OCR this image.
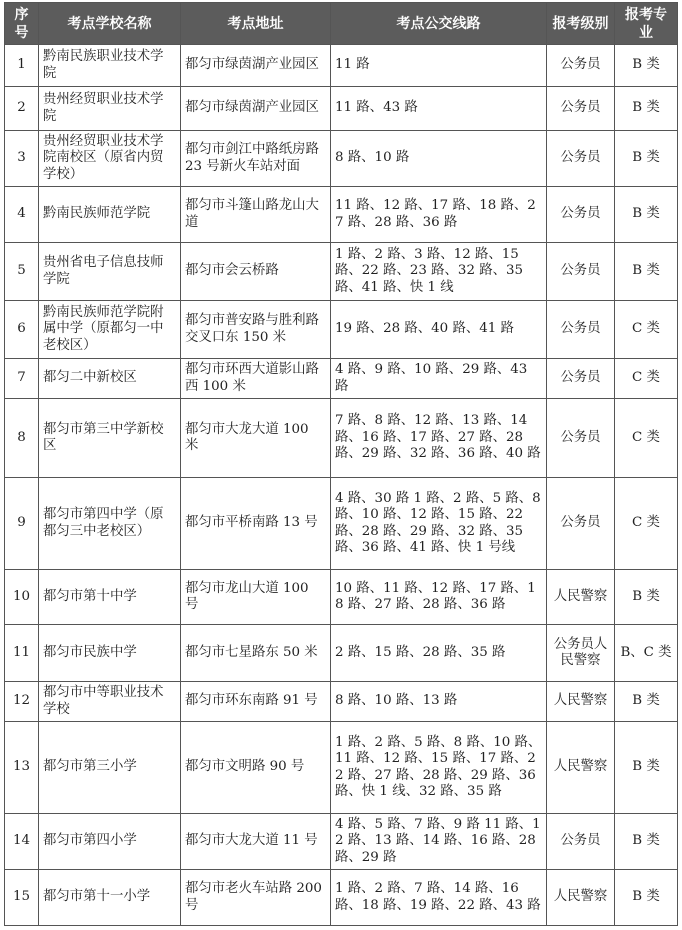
序号	考点学校名称	考点地址	考点公交线路	报考级别	报考专业
1	黔南民族职业技术学院	都匀市绿茵湖产业园区	11 路	公务员	B 类
2	贵州经贸职业技术学院	都匀市绿茵湖产业园区	11 路、43 路	公务员	B 类
3	贵州经贸职业技术学院南校区（原省内贸学校）	都匀市剑江中路纸房路 23 号新火车站对面	8 路、10 路	公务员	B 类
4	黔南民族师范学院	都匀市斗篷山路龙山大道	11 路、12 路、17 路、18 路、27 路、28 路、36 路	公务员	B 类
5	贵州省电子信息技师学院	都匀市会云桥路	1 路、2 路、3 路、12 路、15 路、22 路、23 路、32 路、35 路、41 路、快 1 线	公务员	B 类
6	黔南民族师范学院附属中学（原都匀一中老校区）	都匀市普安路与胜利路交叉口东 150 米	19 路、28 路、40 路、41 路	公务员	C 类
7	都匀二中新校区	都匀市环西大道影山路西 100 米	4 路、9 路、10 路、29 路、43 路	公务员	C 类
8	都匀市第三中学新校区	都匀市大龙大道 100 米	7 路、8 路、12 路、13 路、14 路、16 路、17 路、27 路、28 路、29 路、32 路、36 路、40 路	公务员	C 类
9	都匀市第四中学（原都匀三中老校区）	都匀市平桥南路 13 号	4 路、30 路 1 路、2 路、5 路、8 路、10 路、12 路、15 路、22 路、28 路、29 路、32 路、35 路、36 路、41 路、快 1 号线	公务员	C 类
10	都匀市第十中学	都匀市龙山大道 100 号	10 路、11 路、12 路、17 路、18 路、27 路、28 路、36 路	人民警察	B 类
11	都匀市民族中学	都匀市七星路东 50 米	2 路、15 路、28 路、35 路	公务员人民警察	B、C 类
12	都匀市中等职业技术学校	都匀市环东南路 91 号	8 路、10 路、13 路	人民警察	B 类
13	都匀市第三小学	都匀市文明路 90 号	1 路、2 路、5 路、8 路、10 路、11 路、12 路、15 路、17 路、22 路、27 路、28 路、29 路、36 路、快 1 线、32 路、35 路	人民警察	B 类
14	都匀市第四小学	都匀市大龙大道 11 号	4 路、5 路、7 路、9 路 11 路、12 路、13 路、14 路、16 路、28 路、29 路	公务员	B 类
15	都匀市第十一小学	都匀市老火车站路 200 号	1 路、2 路、7 路、14 路、16 路、18 路、19 路、22 路、43 路	人民警察	B 类
